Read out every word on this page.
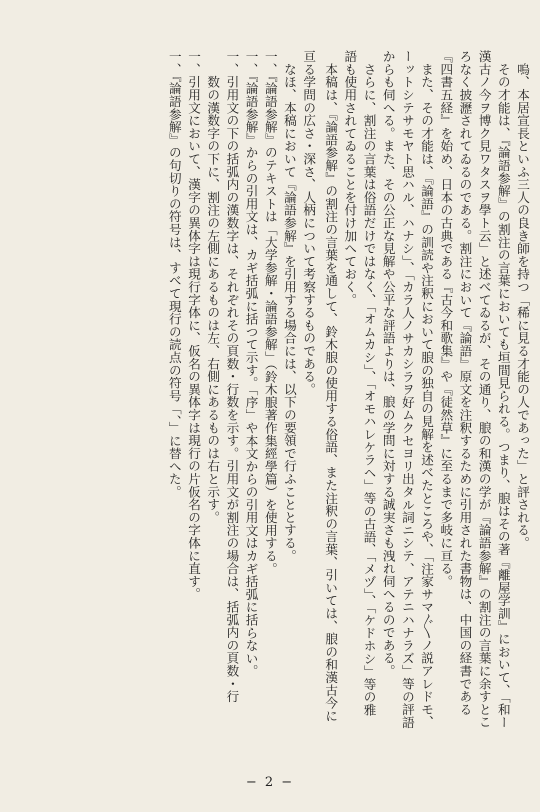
　嗚、本居宣長といふ三人の良き師を持つ「稀に見る才能の人であった」と評される。
　その才能は、『論語参解』の割注の言葉においても垣間見られる。つまり、朖はその著『離屋学訓』において、「和ー
漢古ノ今ヲ博ク見ワタスヲ學ト云」と述べてゐるが、その通り、朖の和漢の学が『論語参解』の割注の言葉に余すとこ
ろなく披瀝されてゐるのである。割注において『論語』原文を注釈するために引用された書物は、中国の経書である
『四書五経』を始め、日本の古典である『古今和歌集』や『徒然草』に至るまで多岐に亘る。
　また、その才能は、『論語』の訓読や注釈において朖の独自の見解を述べたところや、「注家サマ〴〵ノ説アレドモ、
ーットシテサモヤト思ハル、ハナシ」、「カラ人ノサカシラヲ好ムクセヨリ出タル詞ニシテ、アテニハナラズ」等の評語
からも伺へる。また、その公正な見解や公平な評語よりは、朖の学問に対する誠実さも洩れ伺へるのである。
　さらに、割注の言葉は俗語だけではなく、「オムカシ」、「オモハレケラヘ」等の古語、「メヅ」、「ケドホシ」等の雅
語も使用されてゐることを付け加へておく。
　本稿は、『論語参解』の割注の言葉を通して、鈴木朖の使用する俗語、また注釈の言葉、引いては、朖の和漢古今に
亘る学問の広さ・深さ、人柄について考察するものである。
　なほ、本稿において『論語参解』を引用する場合には、以下の要領で行ふこととする。
一、『論語参解』のテキストは「大学参解・論語参解」（鈴木朖著作集經學篇）を使用する。
一、『論語参解』からの引用文は、カギ括弧に括つて示す。「序」や本文からの引用文はカギ括弧に括らない。
一、引用文の下の括弧内の漢数字は、それぞれその頁数・行数を示す。引用文が割注の場合は、括弧内の頁数・行
　　数の漢数字の下に、割注の左側にあるものは左、右側にあるものは右と示す。
一、引用文において、漢字の異体字は現行字体に、仮名の異体字は現行の片仮名の字体に直す。
一、『論語参解』の句切りの符号は、すべて現行の読点の符号「、」に替へた。
− 2 −
